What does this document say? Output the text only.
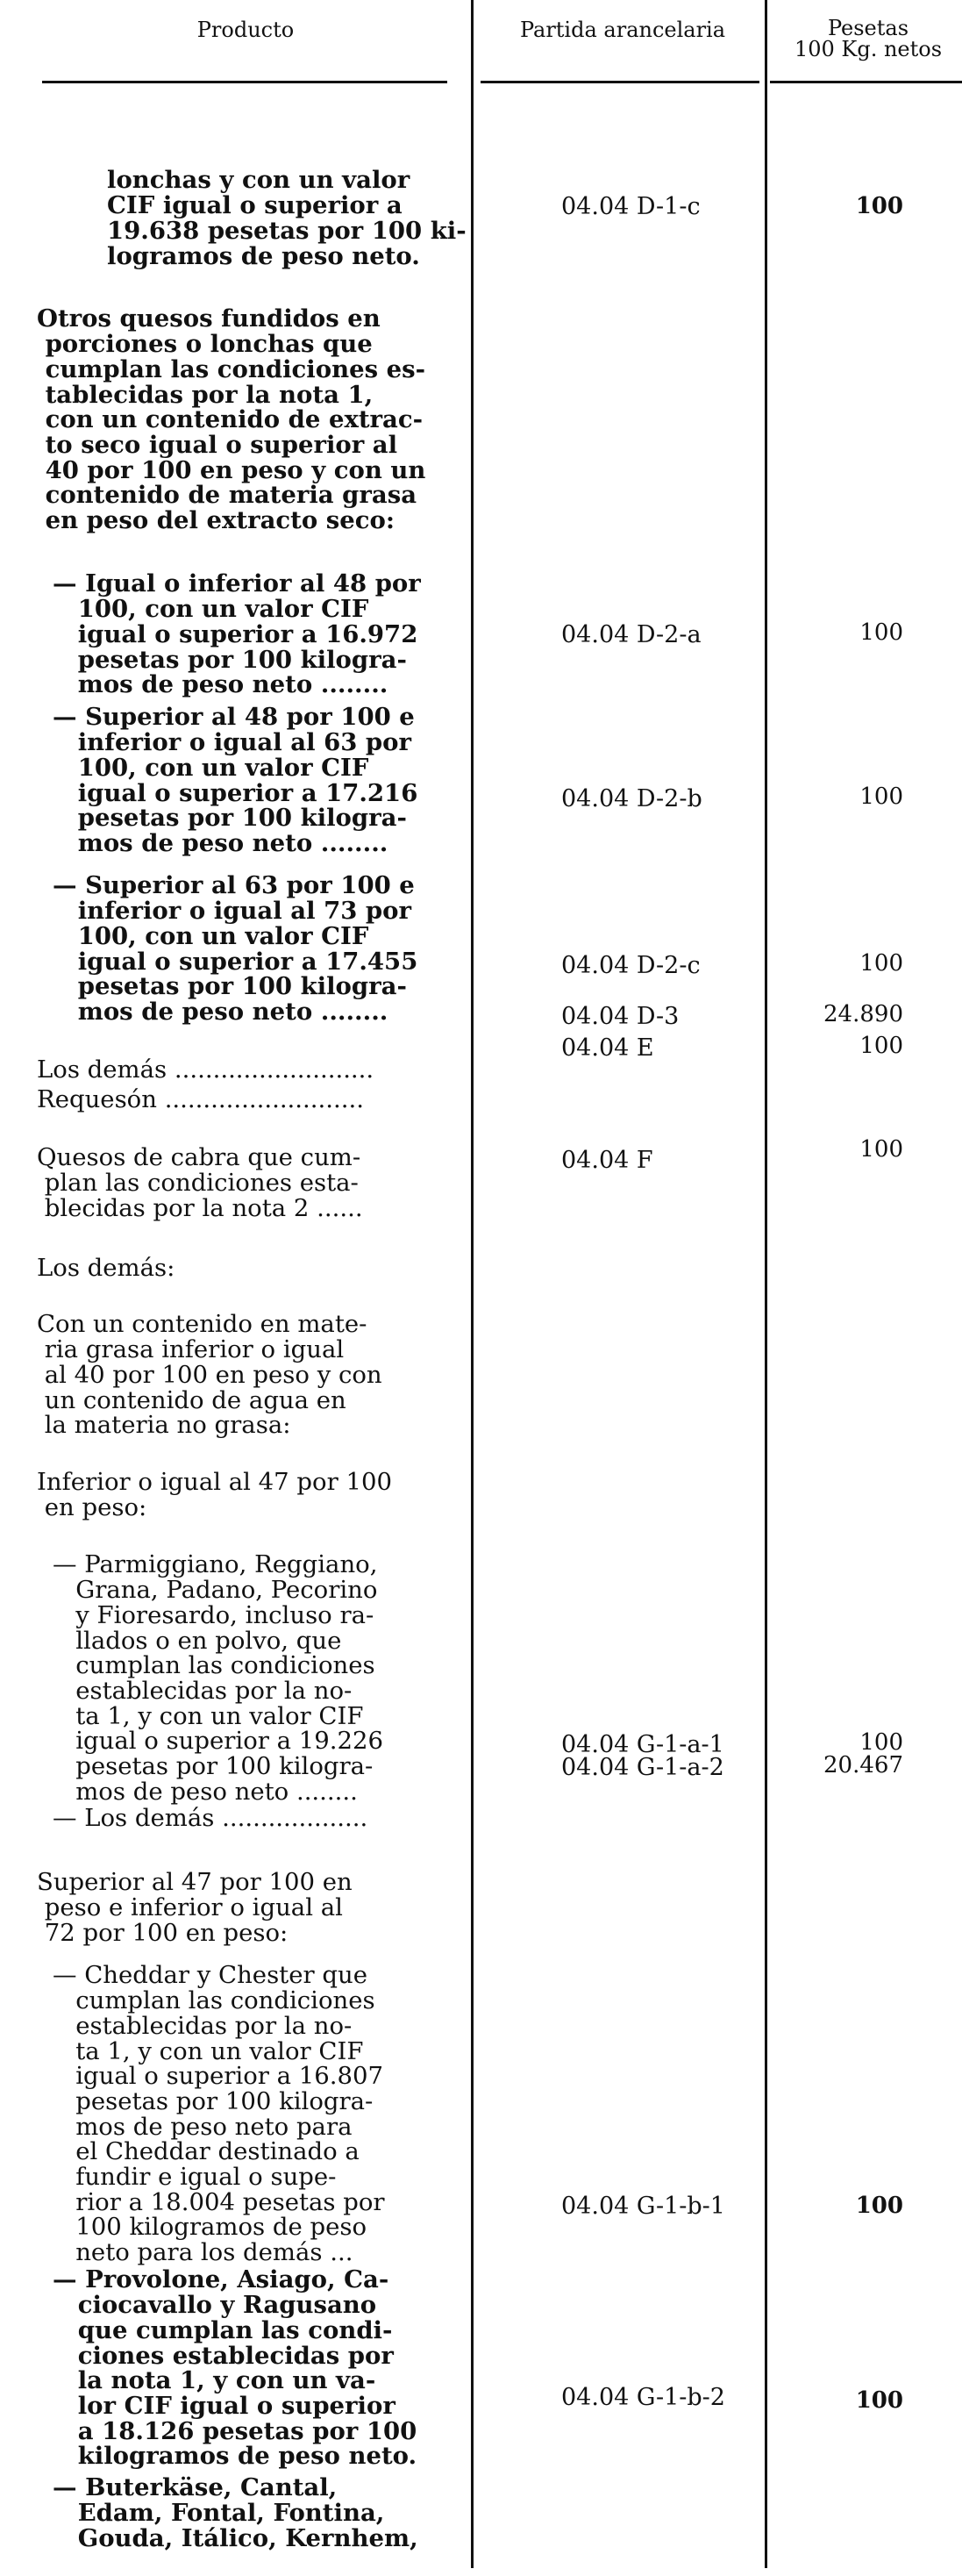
Producto	Partida arancelaria	Pesetas
100 Kg. netos

lonchas y con un valor
CIF igual o superior a
19.638 pesetas por 100 ki-
logramos de peso neto.

04.04 D-1-c	100

Otros quesos fundidos en
porciones o lonchas que
cumplan las condiciones es-
tablecidas por la nota 1,
con un contenido de extrac-
to seco igual o superior al
40 por 100 en peso y con un
contenido de materia grasa
en peso del extracto seco:

— Igual o inferior al 48 por
100, con un valor CIF
igual o superior a 16.972
pesetas por 100 kilogra-
mos de peso neto ........

04.04 D-2-a	100

— Superior al 48 por 100 e
inferior o igual al 63 por
100, con un valor CIF
igual o superior a 17.216
pesetas por 100 kilogra-
mos de peso neto ........

04.04 D-2-b	100

— Superior al 63 por 100 e
inferior o igual al 73 por
100, con un valor CIF
igual o superior a 17.455
pesetas por 100 kilogra-
mos de peso neto ........

04.04 D-2-c	100

Los demás ..........................

04.04 D-3	24.890

Requesón ..........................

04.04 E	100

Quesos de cabra que cum-
plan las condiciones esta-
blecidas por la nota 2 ......

04.04 F	100

Los demás:

Con un contenido en mate-
ria grasa inferior o igual
al 40 por 100 en peso y con
un contenido de agua en
la materia no grasa:

Inferior o igual al 47 por 100
en peso:

— Parmiggiano, Reggiano,
Grana, Padano, Pecorino
y Fioresardo, incluso ra-
llados o en polvo, que
cumplan las condiciones
establecidas por la no-
ta 1, y con un valor CIF
igual o superior a 19.226
pesetas por 100 kilogra-
mos de peso neto ........

04.04 G-1-a-1	100

— Los demás ...................

04.04 G-1-a-2	20.467

Superior al 47 por 100 en
peso e inferior o igual al
72 por 100 en peso:

— Cheddar y Chester que
cumplan las condiciones
establecidas por la no-
ta 1, y con un valor CIF
igual o superior a 16.807
pesetas por 100 kilogra-
mos de peso neto para
el Cheddar destinado a
fundir e igual o supe-
rior a 18.004 pesetas por
100 kilogramos de peso
neto para los demás ...

04.04 G-1-b-1	100

— Provolone, Asiago, Ca-
ciocavallo y Ragusano
que cumplan las condi-
ciones establecidas por
la nota 1, y con un va-
lor CIF igual o superior
a 18.126 pesetas por 100
kilogramos de peso neto.

04.04 G-1-b-2	100

— Buterkäse, Cantal,
Edam, Fontal, Fontina,
Gouda, Itálico, Kernhem,
